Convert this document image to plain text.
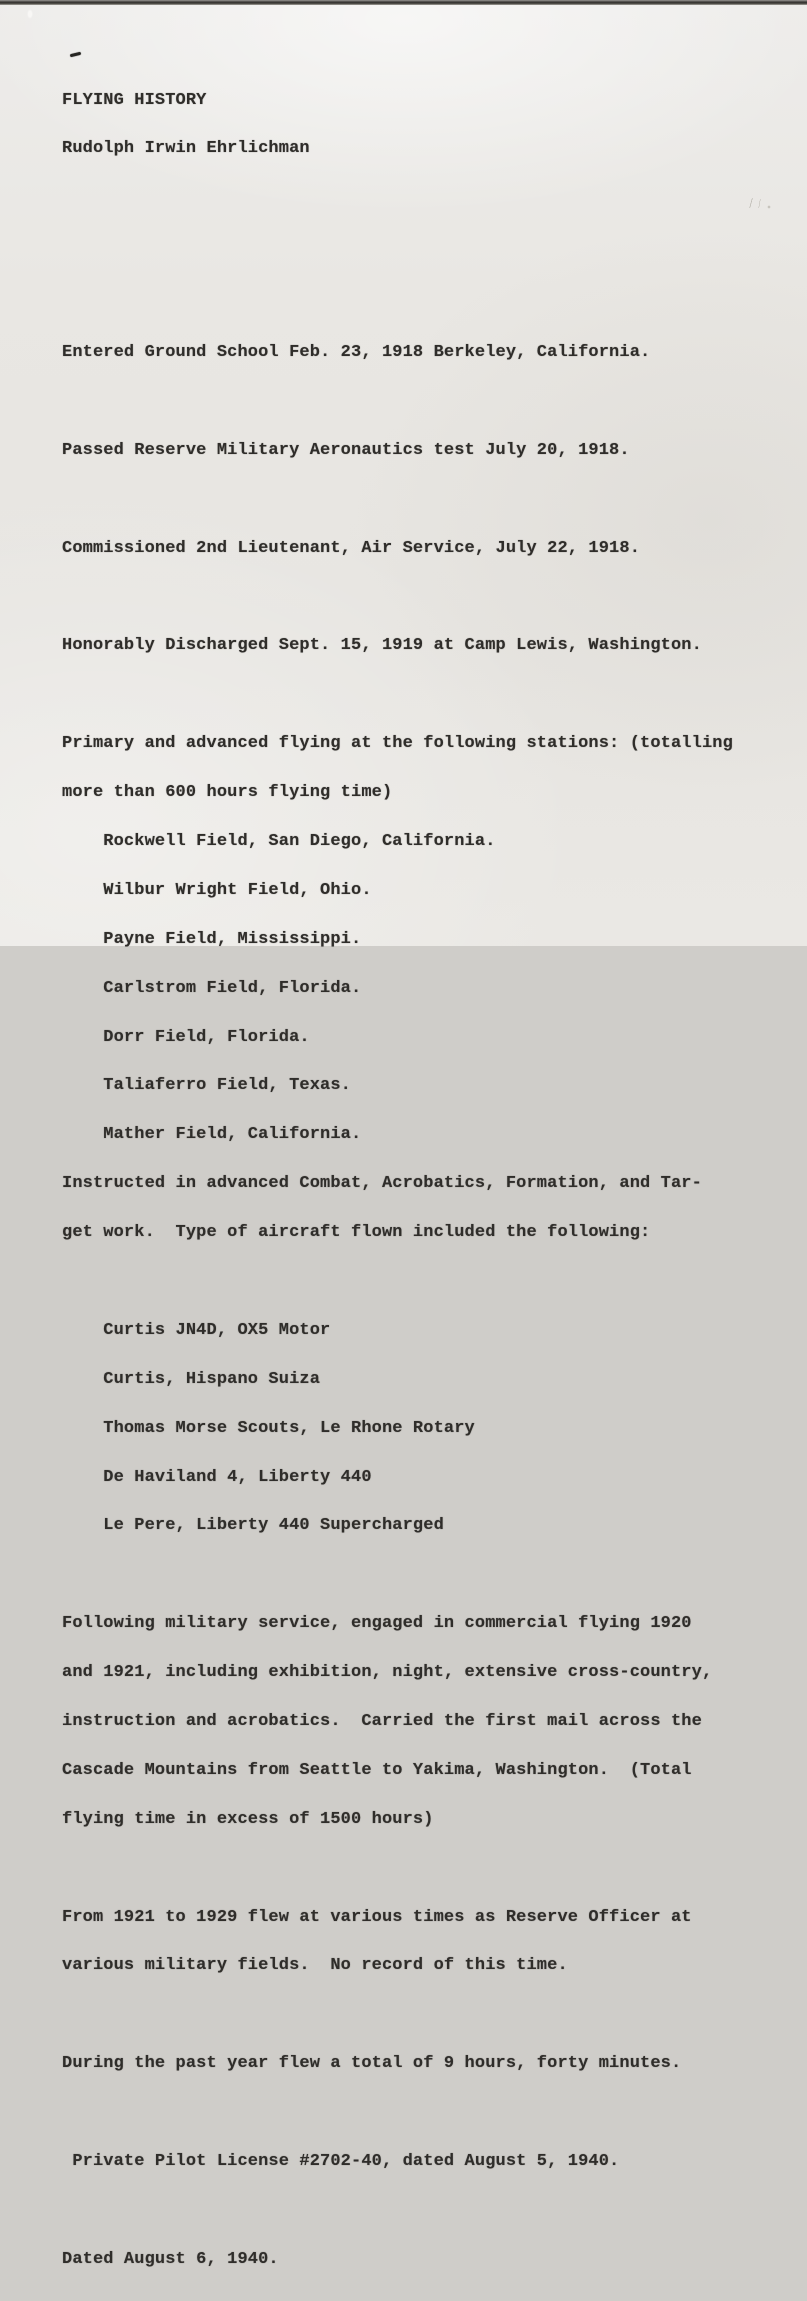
FLYING HISTORY

Rudolph Irwin Ehrlichman

Entered Ground School Feb. 23, 1918 Berkeley, California.

Passed Reserve Military Aeronautics test July 20, 1918.

Commissioned 2nd Lieutenant, Air Service, July 22, 1918.

Honorably Discharged Sept. 15, 1919 at Camp Lewis, Washington.

Primary and advanced flying at the following stations: (totalling

more than 600 hours flying time)

Rockwell Field, San Diego, California.

Wilbur Wright Field, Ohio.

Payne Field, Mississippi.

Carlstrom Field, Florida.

Dorr Field, Florida.

Taliaferro Field, Texas.

Mather Field, California.

Instructed in advanced Combat, Acrobatics, Formation, and Tar-

get work.  Type of aircraft flown included the following:

Curtis JN4D, OX5 Motor

Curtis, Hispano Suiza

Thomas Morse Scouts, Le Rhone Rotary

De Haviland 4, Liberty 440

Le Pere, Liberty 440 Supercharged

Following military service, engaged in commercial flying 1920

and 1921, including exhibition, night, extensive cross-country,

instruction and acrobatics.  Carried the first mail across the

Cascade Mountains from Seattle to Yakima, Washington.  (Total

flying time in excess of 1500 hours)

From 1921 to 1929 flew at various times as Reserve Officer at

various military fields.  No record of this time.

During the past year flew a total of 9 hours, forty minutes.

Private Pilot License #2702-40, dated August 5, 1940.

Dated August 6, 1940.
